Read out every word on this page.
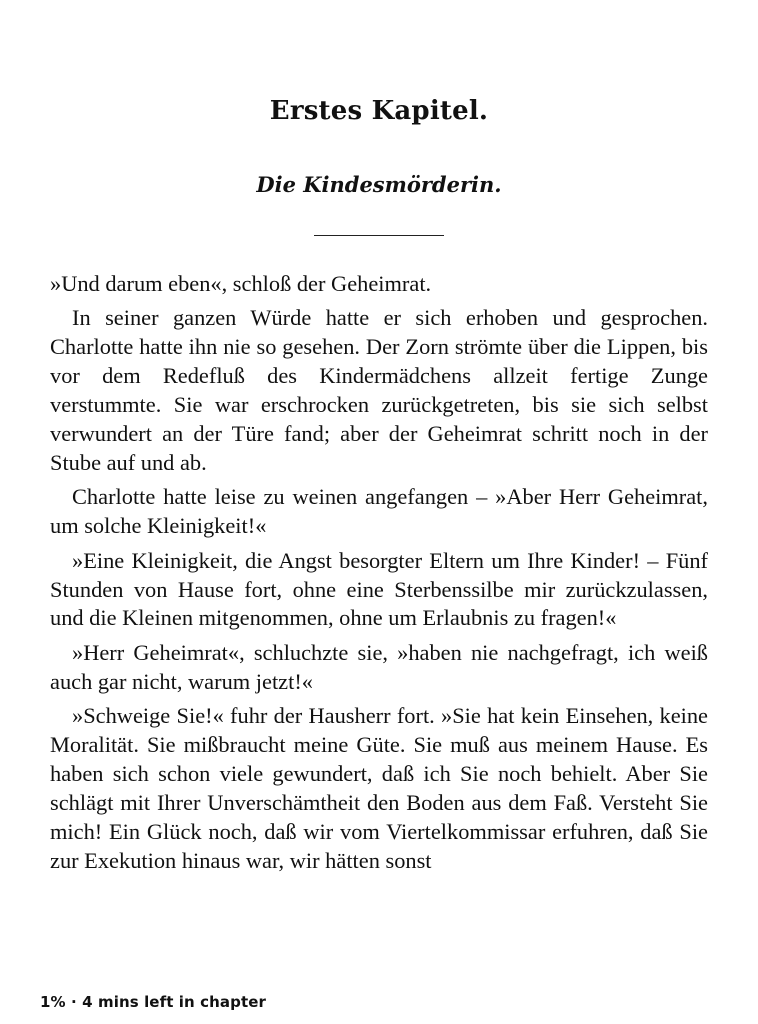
Erstes Kapitel.
Die Kindesmörderin.

»Und darum eben«, schloß der Geheimrat.

In seiner ganzen Würde hatte er sich erhoben und gesprochen. Charlotte hatte ihn nie so gesehen. Der Zorn strömte über die Lippen, bis vor dem Redefluß des Kindermädchens allzeit fertige Zunge verstummte. Sie war erschrocken zurückgetreten, bis sie sich selbst verwundert an der Türe fand; aber der Geheimrat schritt noch in der Stube auf und ab.

Charlotte hatte leise zu weinen angefangen – »Aber Herr Geheimrat, um solche Kleinigkeit!«

»Eine Kleinigkeit, die Angst besorgter Eltern um Ihre Kinder! – Fünf Stunden von Hause fort, ohne eine Sterbenssilbe mir zurückzulassen, und die Kleinen mitgenommen, ohne um Erlaubnis zu fragen!«

»Herr Geheimrat«, schluchzte sie, »haben nie nachgefragt, ich weiß auch gar nicht, warum jetzt!«

»Schweige Sie!« fuhr der Hausherr fort. »Sie hat kein Einsehen, keine Moralität. Sie mißbraucht meine Güte. Sie muß aus meinem Hause. Es haben sich schon viele gewundert, daß ich Sie noch behielt. Aber Sie schlägt mit Ihrer Unverschämtheit den Boden aus dem Faß. Versteht Sie mich! Ein Glück noch, daß wir vom Viertelkommissar erfuhren, daß Sie zur Exekution hinaus war, wir hätten sonst

1% · 4 mins left in chapter
